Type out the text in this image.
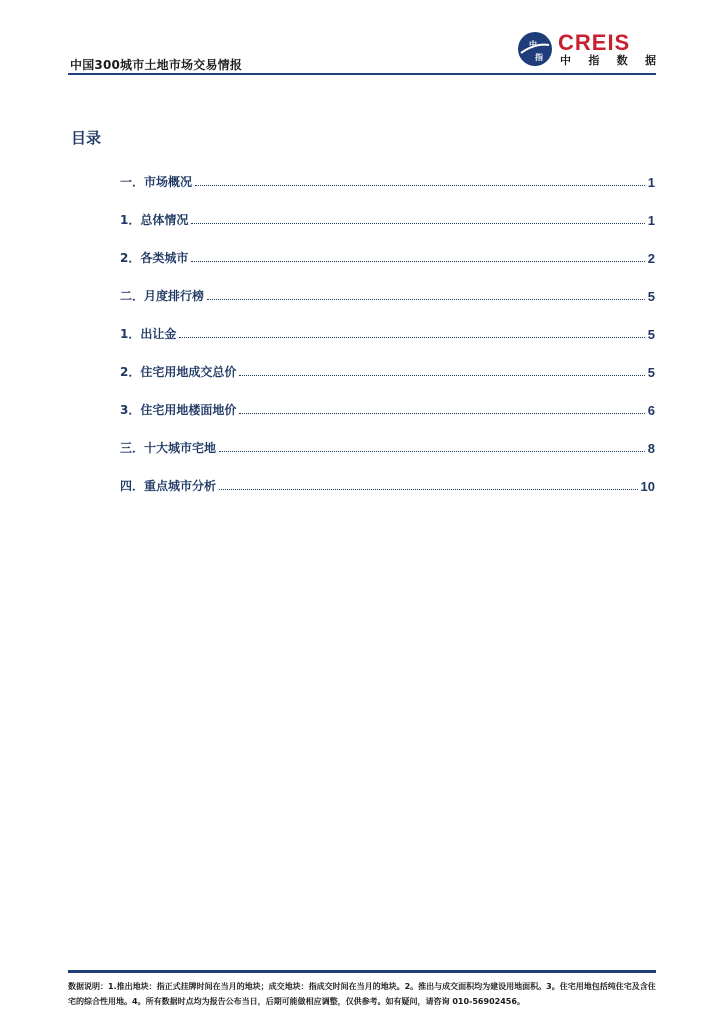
中国300城市土地市场交易情报
中
指
CREIS
中 指 数 据
目录
一．市场概况	1
1．总体情况	1
2．各类城市	2
二．月度排行榜	5
1．出让金	5
2．住宅用地成交总价	5
3．住宅用地楼面地价	6
三．十大城市宅地	8
四．重点城市分析	10
数据说明：1.推出地块：指正式挂牌时间在当月的地块；成交地块：指成交时间在当月的地块。2。推出与成交面积均为建设用地面积。3。住宅用地包括纯住宅及含住宅的综合性用地。4。所有数据时点均为报告公布当日，后期可能做相应调整，仅供参考。如有疑问，请咨询 010-56902456。
